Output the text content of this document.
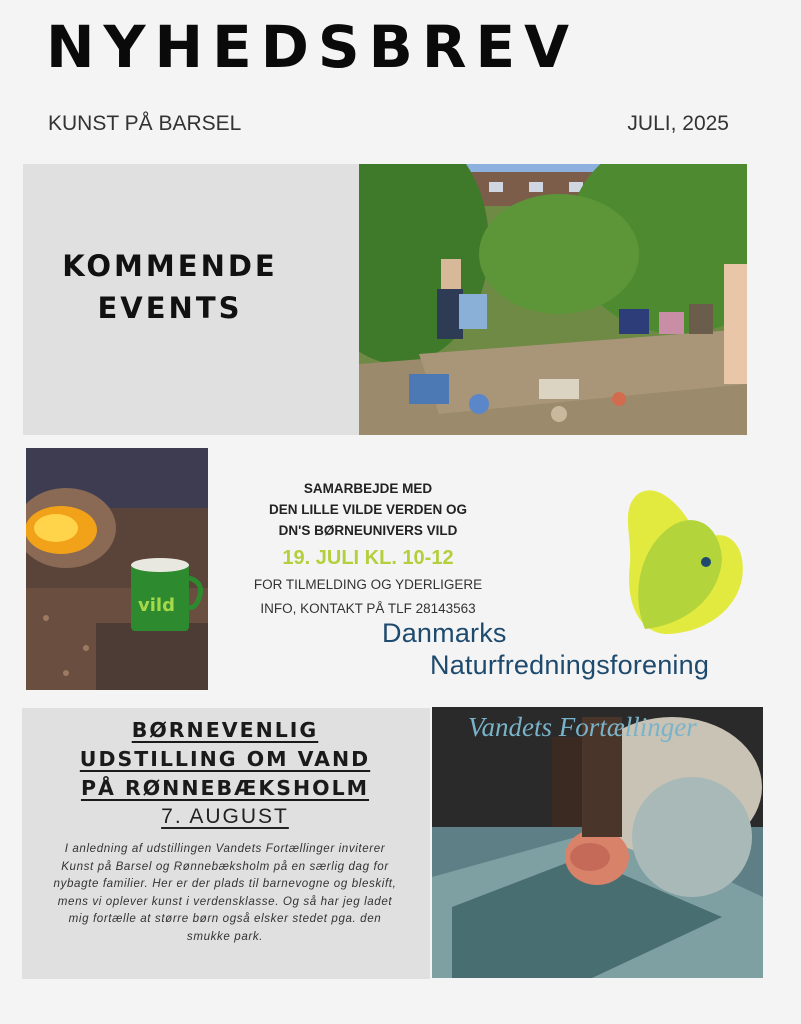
NYHEDSBREV
KUNST PÅ BARSEL	JULI, 2025
KOMMENDE
EVENTS
vild
SAMARBEJDE MED
DEN LILLE VILDE VERDEN OG
DN'S BØRNEUNIVERS VILD
19. JULI KL. 10-12
FOR TILMELDING OG YDERLIGERE
INFO, KONTAKT PÅ TLF 28143563
Danmarks
Naturfredningsforening
BØRNEVENLIG
UDSTILLING OM VAND
PÅ RØNNEBÆKSHOLM
7. AUGUST
I anledning af udstillingen Vandets Fortællinger inviterer Kunst på Barsel og Rønnebæksholm på en særlig dag for nybagte familier. Her er der plads til barnevogne og bleskift, mens vi oplever kunst i verdensklasse. Og så har jeg ladet mig fortælle at større børn også elsker stedet pga. den smukke park.
Vandets Fortællinger
